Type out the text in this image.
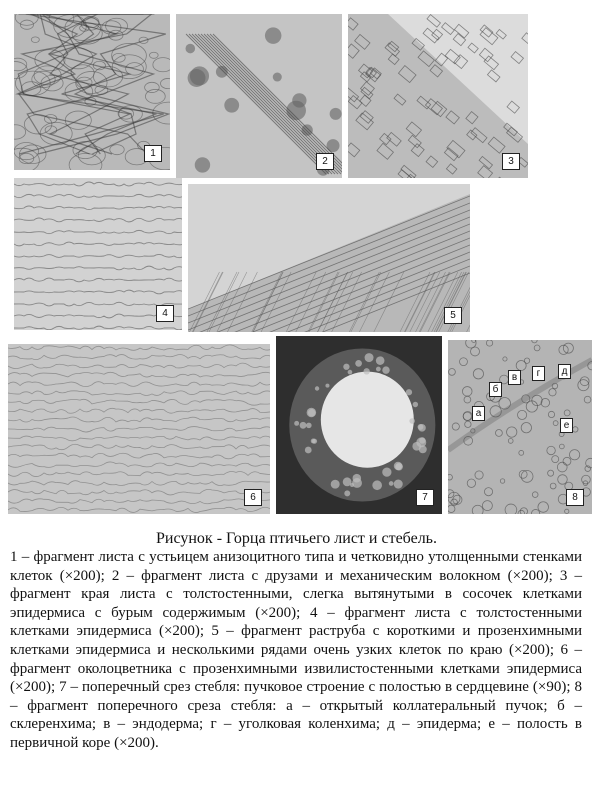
1
2	3
4	5
6	7
в	г	д
б
а
е
8
Рисунок - Горца птичьего лист и стебель.

1 – фрагмент листа с устьицем анизоцитного типа и четковидно утолщенными стенками клеток (×200); 2 – фрагмент листа с друзами и механическим волокном (×200); 3 – фрагмент края листа с толстостенными, слегка вытянутыми в сосочек клетками эпидермиса с бурым содержимым (×200); 4 – фрагмент листа с толстостенными клетками эпидермиса (×200); 5 – фрагмент раструба с короткими и прозенхимными клетками эпидермиса и несколькими рядами очень узких клеток по краю (×200); 6 – фрагмент околоцветника с прозенхимными извилистостенными клетками эпидермиса (×200); 7 – поперечный срез стебля: пучковое строение с полостью в сердцевине (×90); 8 – фрагмент поперечного среза стебля: а – открытый коллатеральный пучок; б – склеренхима; в – эндодерма; г – уголковая коленхима; д – эпидерма; е – полость в первичной коре (×200).
